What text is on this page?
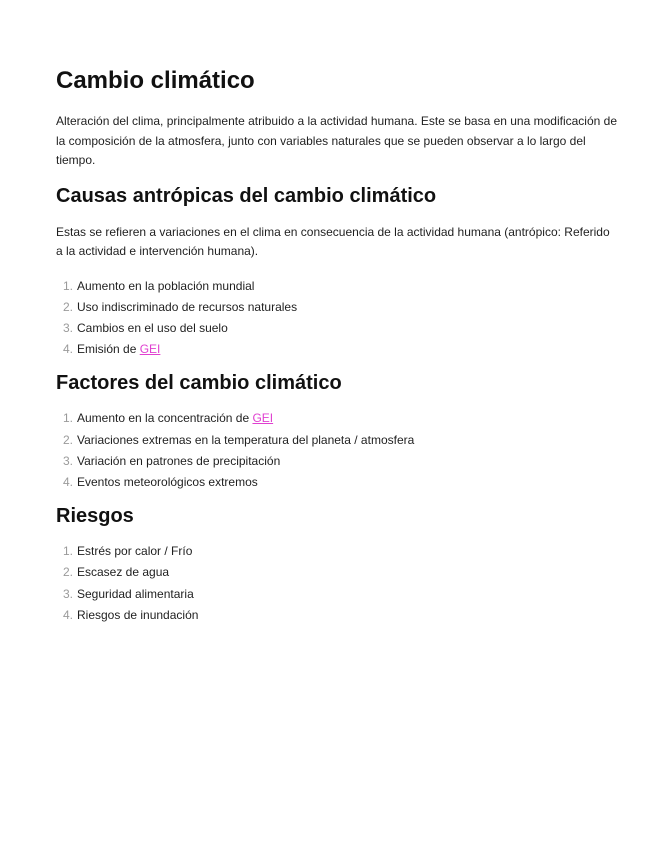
Cambio climático

Alteración del clima, principalmente atribuido a la actividad humana. Este se basa en una modificación de la composición de la atmosfera, junto con variables naturales que se pueden observar a lo largo del tiempo.

Causas antrópicas del cambio climático

Estas se refieren a variaciones en el clima en consecuencia de la actividad humana (antrópico: Referido a la actividad e intervención humana).

1. Aumento en la población mundial
2. Uso indiscriminado de recursos naturales
3. Cambios en el uso del suelo
4. Emisión de GEI
Factores del cambio climático
1. Aumento en la concentración de GEI
2. Variaciones extremas en la temperatura del planeta / atmosfera
3. Variación en patrones de precipitación
4. Eventos meteorológicos extremos
Riesgos
1. Estrés por calor / Frío
2. Escasez de agua
3. Seguridad alimentaria
4. Riesgos de inundación
